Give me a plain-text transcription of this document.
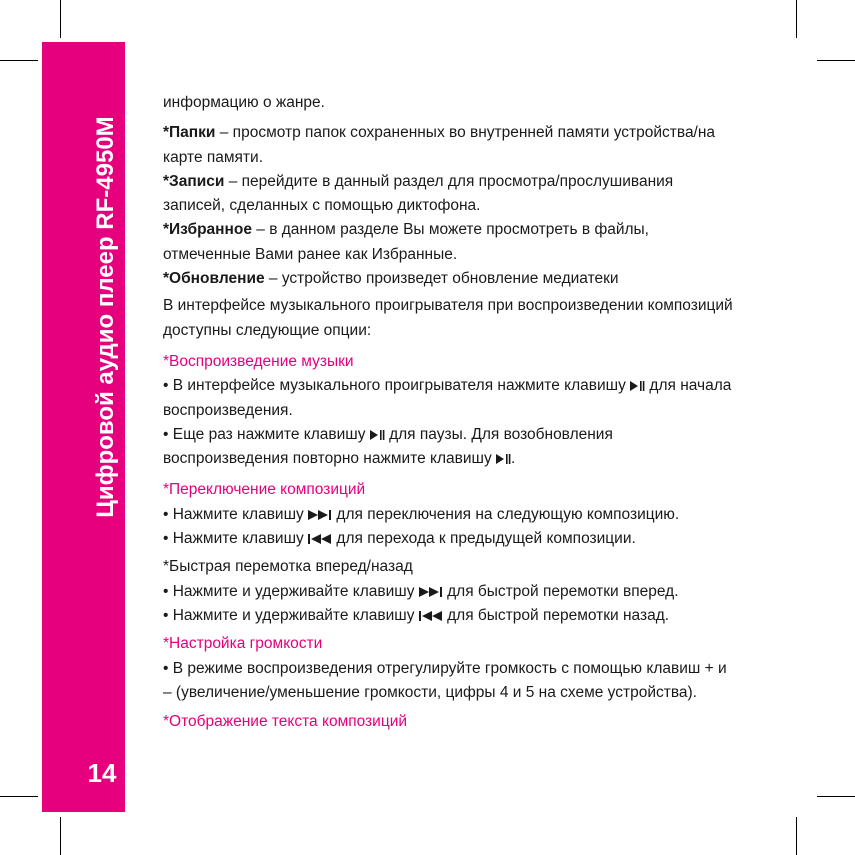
Цифровой аудио плеер RF-4950M
14
информацию о жанре.
*Папки – просмотр папок сохраненных во внутренней памяти устройства/на
карте памяти.
*Записи – перейдите в данный раздел для просмотра/прослушивания
записей, сделанных с помощью диктофона.
*Избранное – в данном разделе Вы можете просмотреть в файлы,
отмеченные Вами ранее как Избранные.
*Обновление – устройство произведет обновление медиатеки
В интерфейсе музыкального проигрывателя при воспроизведении композиций
доступны следующие опции:
*Воспроизведение музыки
• В интерфейсе музыкального проигрывателя нажмите клавишу  для начала
воспроизведения.
• Еще раз нажмите клавишу  для паузы. Для возобновления
воспроизведения повторно нажмите клавишу .
*Переключение композиций
• Нажмите клавишу  для переключения на следующую композицию.
• Нажмите клавишу  для перехода к предыдущей композиции.
*Быстрая перемотка вперед/назад
• Нажмите и удерживайте клавишу  для быстрой перемотки вперед.
• Нажмите и удерживайте клавишу  для быстрой перемотки назад.
*Настройка громкости
• В режиме воспроизведения отрегулируйте громкость с помощью клавиш + и
– (увеличение/уменьшение громкости, цифры 4 и 5 на схеме устройства).
*Отображение текста композиций
